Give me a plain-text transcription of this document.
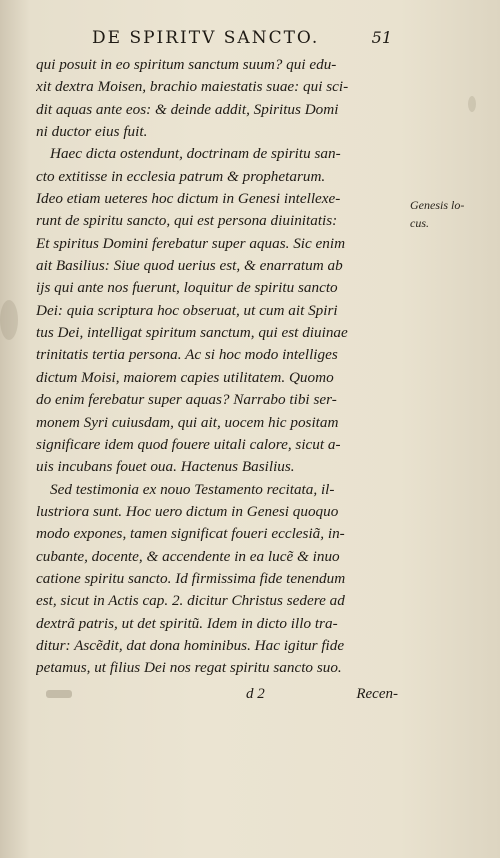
DE SPIRITV SANCTO.	51
qui posuit in eo spiritum sanctum suum? qui edu-
xit dextra Moisen, brachio maiestatis suae: qui sci-
dit aquas ante eos: & deinde addit, Spiritus Domi
ni ductor eius fuit.
Haec dicta ostendunt, doctrinam de spiritu san-
cto extitisse in ecclesia patrum & prophetarum.
Ideo etiam ueteres hoc dictum in Genesi intellexe-
runt de spiritu sancto, qui est persona diuinitatis:
Et spiritus Domini ferebatur super aquas. Sic enim
ait Basilius: Siue quod uerius est, & enarratum ab
ijs qui ante nos fuerunt, loquitur de spiritu sancto
Dei: quia scriptura hoc obseruat, ut cum ait Spiri
tus Dei, intelligat spiritum sanctum, qui est diuinae
trinitatis tertia persona. Ac si hoc modo intelliges
dictum Moisi, maiorem capies utilitatem. Quomo
do enim ferebatur super aquas? Narrabo tibi ser-
monem Syri cuiusdam, qui ait, uocem hic positam
significare idem quod fouere uitali calore, sicut a-
uis incubans fouet oua. Hactenus Basilius.
Sed testimonia ex nouo Testamento recitata, il-
lustriora sunt. Hoc uero dictum in Genesi quoquo
modo expones, tamen significat foueri ecclesiã, in-
cubante, docente, & accendente in ea lucẽ & inuo
catione spiritu sancto. Id firmissima fide tenendum
est, sicut in Actis cap. 2. dicitur Christus sedere ad
dextrã patris, ut det spiritũ. Idem in dicto illo tra-
ditur: Ascẽdit, dat dona hominibus. Hac igitur fide
petamus, ut filius Dei nos regat spiritu sancto suo.
Genesis lo-
cus.
d 2	Recen-
